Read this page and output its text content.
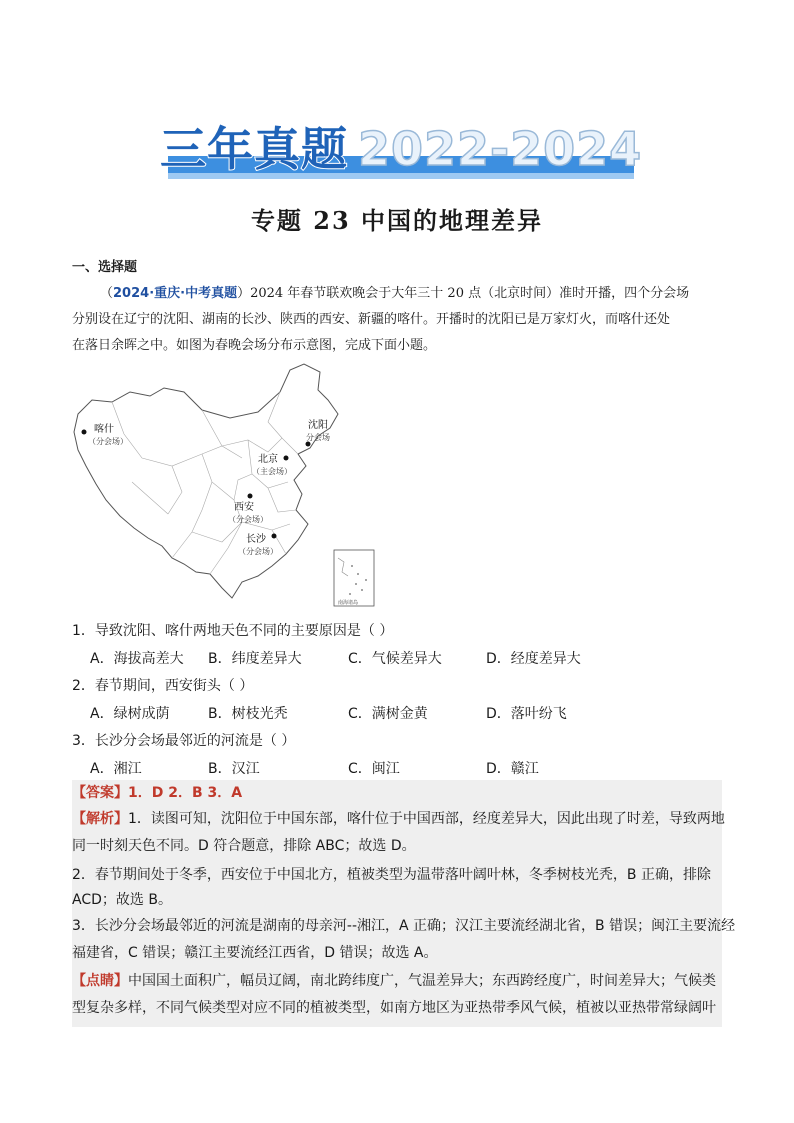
三年真题 2022-2024
专题 23 中国的地理差异
一、选择题
（2024·重庆·中考真题）2024 年春节联欢晚会于大年三十 20 点（北京时间）准时开播，四个分会场
分别设在辽宁的沈阳、湖南的长沙、陕西的西安、新疆的喀什。开播时的沈阳已是万家灯火，而喀什还处
在落日余晖之中。如图为春晚会场分布示意图，完成下面小题。
南海诸岛
喀什
（分会场）
沈阳
分会场
北京
（主会场）
西安
（分会场）
长沙
（分会场）
1．导致沈阳、喀什两地天色不同的主要原因是（ ）
A．海拔高差大 B．纬度差异大	C．气候差异大	D．经度差异大
2．春节期间，西安街头（ ）
A．绿树成荫	B．树枝光秃	C．满树金黄	D．落叶纷飞
3．长沙分会场最邻近的河流是（ ）
A．湘江	B．汉江	C．闽江	D．赣江
【答案】1．D 2．B 3．A
【解析】1．读图可知，沈阳位于中国东部，喀什位于中国西部，经度差异大，因此出现了时差，导致两地
同一时刻天色不同。D 符合题意，排除 ABC；故选 D。
2．春节期间处于冬季，西安位于中国北方，植被类型为温带落叶阔叶林，冬季树枝光秃，B 正确，排除
ACD；故选 B。
3．长沙分会场最邻近的河流是湖南的母亲河--湘江，A 正确；汉江主要流经湖北省，B 错误；闽江主要流经
福建省，C 错误；赣江主要流经江西省，D 错误；故选 A。
【点睛】中国国土面积广，幅员辽阔，南北跨纬度广，气温差异大；东西跨经度广，时间差异大；气候类
型复杂多样，不同气候类型对应不同的植被类型，如南方地区为亚热带季风气候，植被以亚热带常绿阔叶
